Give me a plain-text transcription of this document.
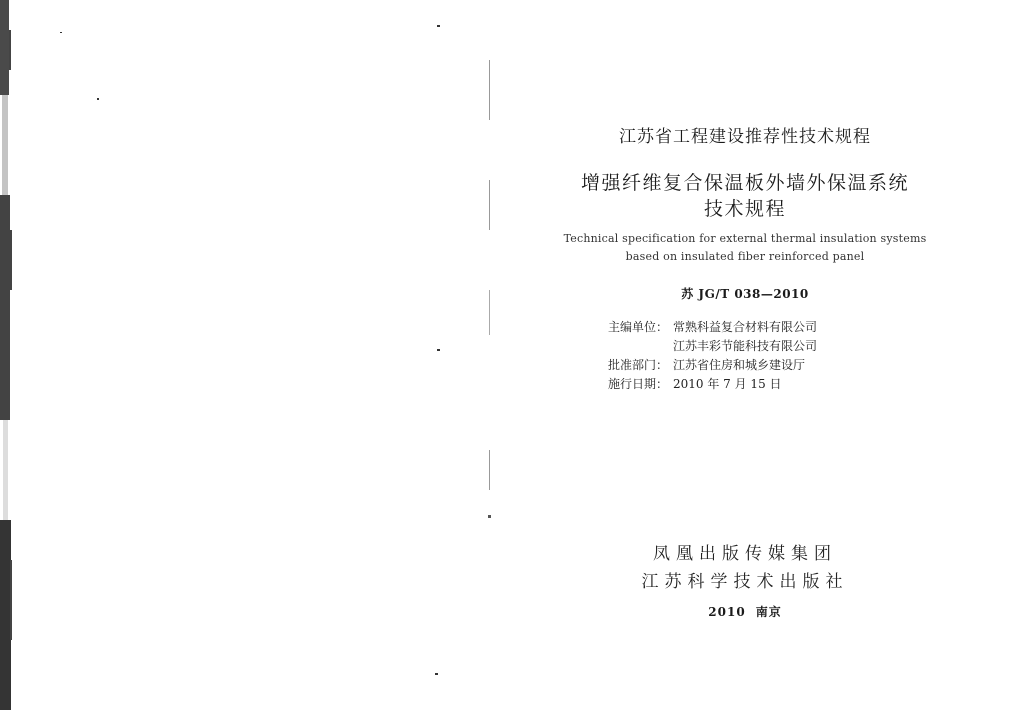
江苏省工程建设推荐性技术规程
增强纤维复合保温板外墙外保温系统
技术规程
Technical specification for external thermal insulation systems
based on insulated fiber reinforced panel
苏 JG/T 038—2010
主编单位： 常熟科益复合材料有限公司
江苏丰彩节能科技有限公司
批准部门： 江苏省住房和城乡建设厅
施行日期： 2010 年 7 月 15 日
凤凰出版传媒集团
江苏科学技术出版社
2010 南京
